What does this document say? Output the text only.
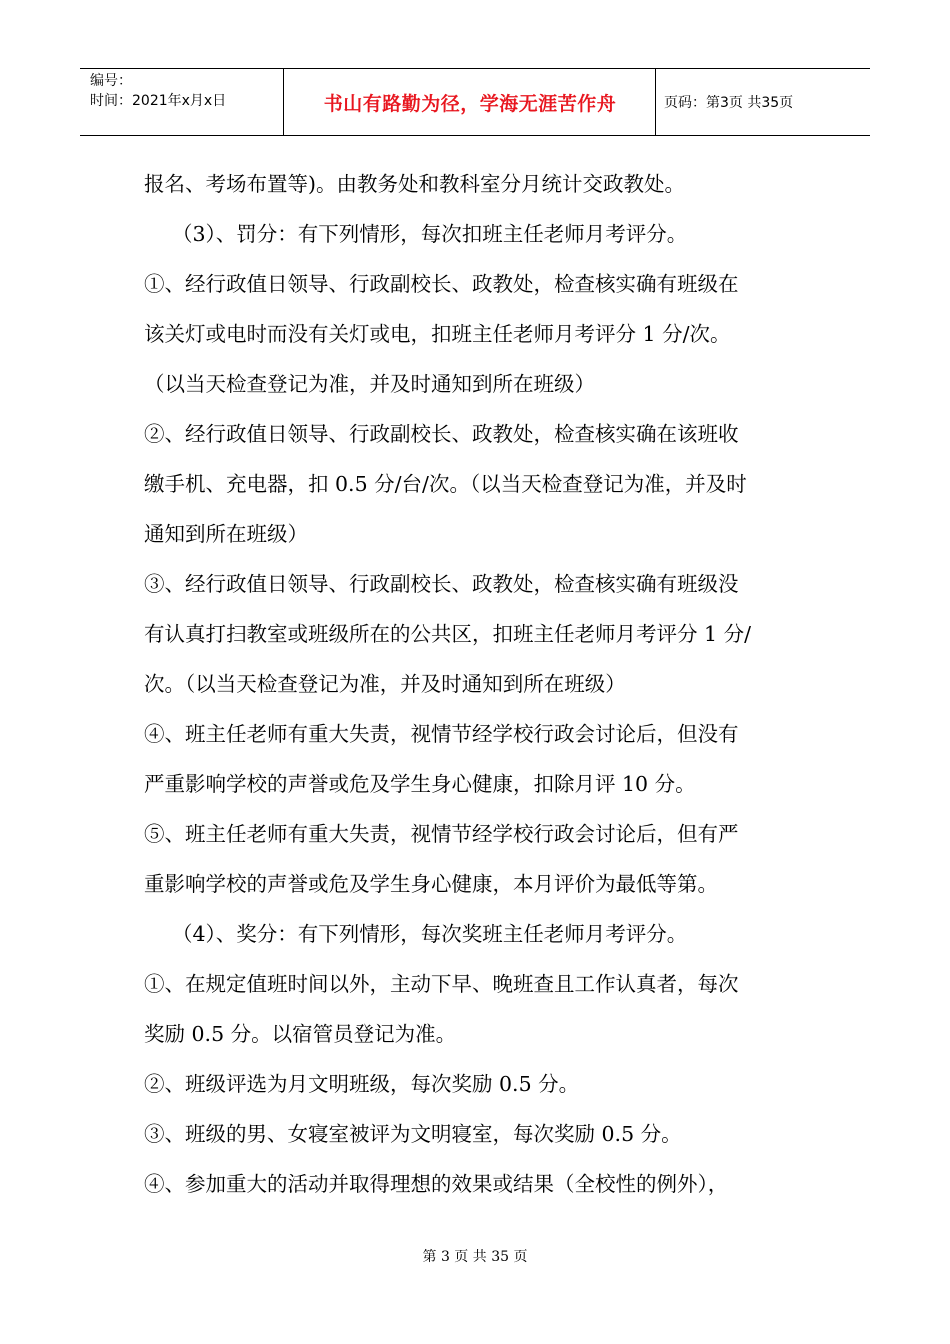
编号：
时间：2021年x月x日	书山有路勤为径，学海无涯苦作舟	页码：第3页 共35页
报名、考场布置等)。由教务处和教科室分月统计交政教处。
（3）、罚分：有下列情形，每次扣班主任老师月考评分。
①、经行政值日领导、行政副校长、政教处，检查核实确有班级在
该关灯或电时而没有关灯或电，扣班主任老师月考评分 1 分/次。
（以当天检查登记为准，并及时通知到所在班级）
②、经行政值日领导、行政副校长、政教处，检查核实确在该班收
缴手机、充电器，扣 0.5 分/台/次。（以当天检查登记为准，并及时
通知到所在班级）
③、经行政值日领导、行政副校长、政教处，检查核实确有班级没
有认真打扫教室或班级所在的公共区，扣班主任老师月考评分 1 分/
次。（以当天检查登记为准，并及时通知到所在班级）
④、班主任老师有重大失责，视情节经学校行政会讨论后，但没有
严重影响学校的声誉或危及学生身心健康，扣除月评 10 分。
⑤、班主任老师有重大失责，视情节经学校行政会讨论后，但有严
重影响学校的声誉或危及学生身心健康，本月评价为最低等第。
（4）、奖分：有下列情形，每次奖班主任老师月考评分。
①、在规定值班时间以外，主动下早、晚班查且工作认真者，每次
奖励 0.5 分。以宿管员登记为准。
②、班级评选为月文明班级，每次奖励 0.5 分。
③、班级的男、女寝室被评为文明寝室，每次奖励 0.5 分。
④、参加重大的活动并取得理想的效果或结果（全校性的例外），
第 3 页 共 35 页
